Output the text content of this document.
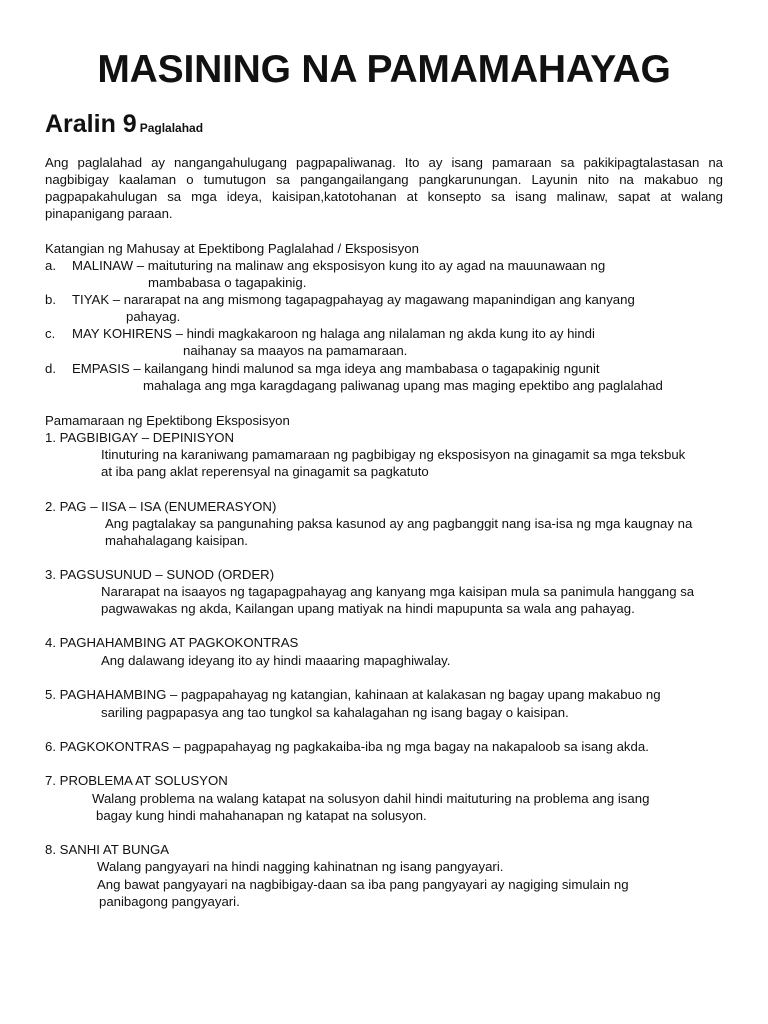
MASINING NA PAMAMAHAYAG
Aralin 9 Paglalahad

Ang paglalahad ay nangangahulugang pagpapaliwanag. Ito ay isang pamaraan sa pakikipagtalastasan na nagbibigay kaalaman o tumutugon sa pangangailangang pangkarunungan. Layunin nito na makabuo ng pagpapakahulugan sa mga ideya, kaisipan,katotohanan at konsepto sa isang malinaw, sapat at walang pinapanigang paraan.

Katangian ng Mahusay at Epektibong Paglalahad / Eksposisyon
a. MALINAW – maituturing na malinaw ang eksposisyon kung ito ay agad na mauunawaan ng
mambabasa o tagapakinig.
b. TIYAK – nararapat na ang mismong tagapagpahayag ay magawang mapanindigan ang kanyang
pahayag.
c. MAY KOHIRENS – hindi magkakaroon ng halaga ang nilalaman ng akda kung ito ay hindi
naihanay sa maayos na pamamaraan.
d. EMPASIS – kailangang hindi malunod sa mga ideya ang mambabasa o tagapakinig ngunit
mahalaga ang mga karagdagang paliwanag upang mas maging epektibo ang paglalahad
Pamamaraan ng Epektibong Eksposisyon
1. PAGBIBIGAY – DEPINISYON
Itinuturing na karaniwang pamamaraan ng pagbibigay ng eksposisyon na ginagamit sa mga teksbuk
at iba pang aklat reperensyal na ginagamit sa pagkatuto
2. PAG – IISA – ISA (ENUMERASYON)
Ang pagtalakay sa pangunahing paksa kasunod ay ang pagbanggit nang isa-isa ng mga kaugnay na
mahahalagang kaisipan.
3. PAGSUSUNUD – SUNOD (ORDER)
Nararapat na isaayos ng tagapagpahayag ang kanyang mga kaisipan mula sa panimula hanggang sa
pagwawakas ng akda, Kailangan upang matiyak na hindi mapupunta sa wala ang pahayag.
4. PAGHAHAMBING AT PAGKOKONTRAS
Ang dalawang ideyang ito ay hindi maaaring mapaghiwalay.
5. PAGHAHAMBING – pagpapahayag ng katangian, kahinaan at kalakasan ng bagay upang makabuo ng
sariling pagpapasya ang tao tungkol sa kahalagahan ng isang bagay o kaisipan.
6. PAGKOKONTRAS – pagpapahayag ng pagkakaiba-iba ng mga bagay na nakapaloob sa isang akda.
7. PROBLEMA AT SOLUSYON
Walang problema na walang katapat na solusyon dahil hindi maituturing na problema ang isang
bagay kung hindi mahahanapan ng katapat na solusyon.
8. SANHI AT BUNGA
Walang pangyayari na hindi nagging kahinatnan ng isang pangyayari.
Ang bawat pangyayari na nagbibigay-daan sa iba pang pangyayari ay nagiging simulain ng
panibagong pangyayari.
